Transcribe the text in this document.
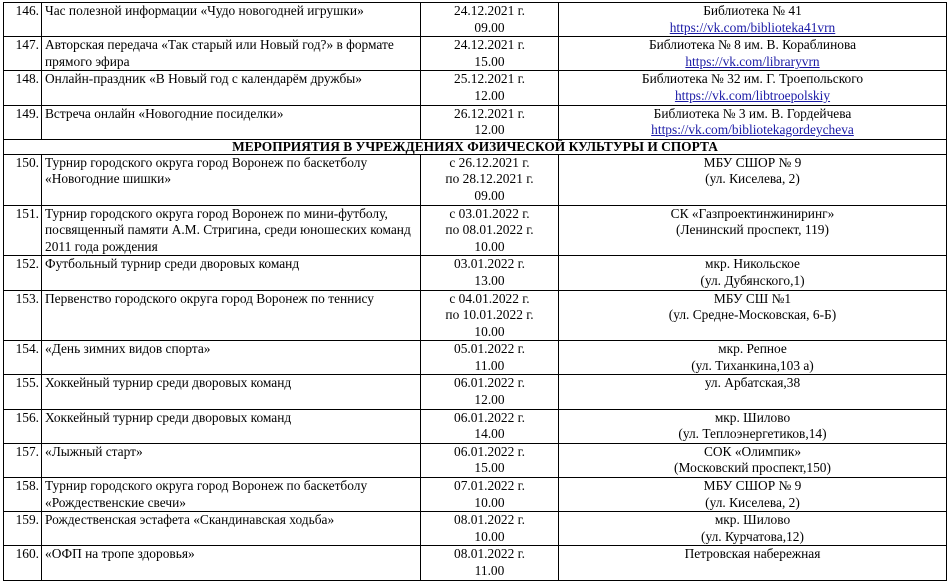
146.	Час полезной информации «Чудо новогодней игрушки»	24.12.2021 г.
09.00	Библиотека № 41
https://vk.com/biblioteka41vrn

147.	Авторская передача «Так старый или Новый год?» в формате прямого эфира	24.12.2021 г.
15.00	Библиотека № 8 им. В. Кораблинова
https://vk.com/libraryvrn

148.	Онлайн-праздник «В Новый год с календарём дружбы»	25.12.2021 г.
12.00	Библиотека № 32 им. Г. Троепольского
https://vk.com/libtroepolskiy

149.	Встреча онлайн «Новогодние посиделки»	26.12.2021 г.
12.00	Библиотека № 3 им. В. Гордейчева
https://vk.com/bibliotekagordeycheva

МЕРОПРИЯТИЯ В УЧРЕЖДЕНИЯХ ФИЗИЧЕСКОЙ КУЛЬТУРЫ И СПОРТА			
150.	Турнир городского округа город Воронеж по баскетболу «Новогодние шишки»	с 26.12.2021 г.
по 28.12.2021 г.
09.00	МБУ СШОР № 9
(ул. Киселева, 2)

151.	Турнир городского округа город Воронеж по мини-футболу, посвященный памяти А.М. Стригина, среди юношеских команд 2011 года рождения	с 03.01.2022 г.
по 08.01.2022 г.
10.00	СК «Газпроектинжиниринг»
(Ленинский проспект, 119)

152.	Футбольный турнир среди дворовых команд	03.01.2022 г.
13.00	мкр. Никольское
(ул. Дубянского,1)

153.	Первенство городского округа город Воронеж по теннису	с 04.01.2022 г.
по 10.01.2022 г.
10.00	МБУ СШ №1
(ул. Средне-Московская, 6-Б)

154.	«День зимних видов спорта»	05.01.2022 г.
11.00	мкр. Репное
(ул. Тиханкина,103 а)

155.	Хоккейный турнир среди дворовых команд	06.01.2022 г.
12.00	ул. Арбатская,38

156.	Хоккейный турнир среди дворовых команд	06.01.2022 г.
14.00	мкр. Шилово
(ул. Теплоэнергетиков,14)

157.	«Лыжный старт»	06.01.2022 г.
15.00	СОК «Олимпик»
(Московский проспект,150)

158.	Турнир городского округа город Воронеж по баскетболу «Рождественские свечи»	07.01.2022 г.
10.00	МБУ СШОР № 9
(ул. Киселева, 2)

159.	Рождественская эстафета «Скандинавская ходьба»	08.01.2022 г.
10.00	мкр. Шилово
(ул. Курчатова,12)

160.	«ОФП на тропе здоровья»	08.01.2022 г.
11.00	Петровская набережная
